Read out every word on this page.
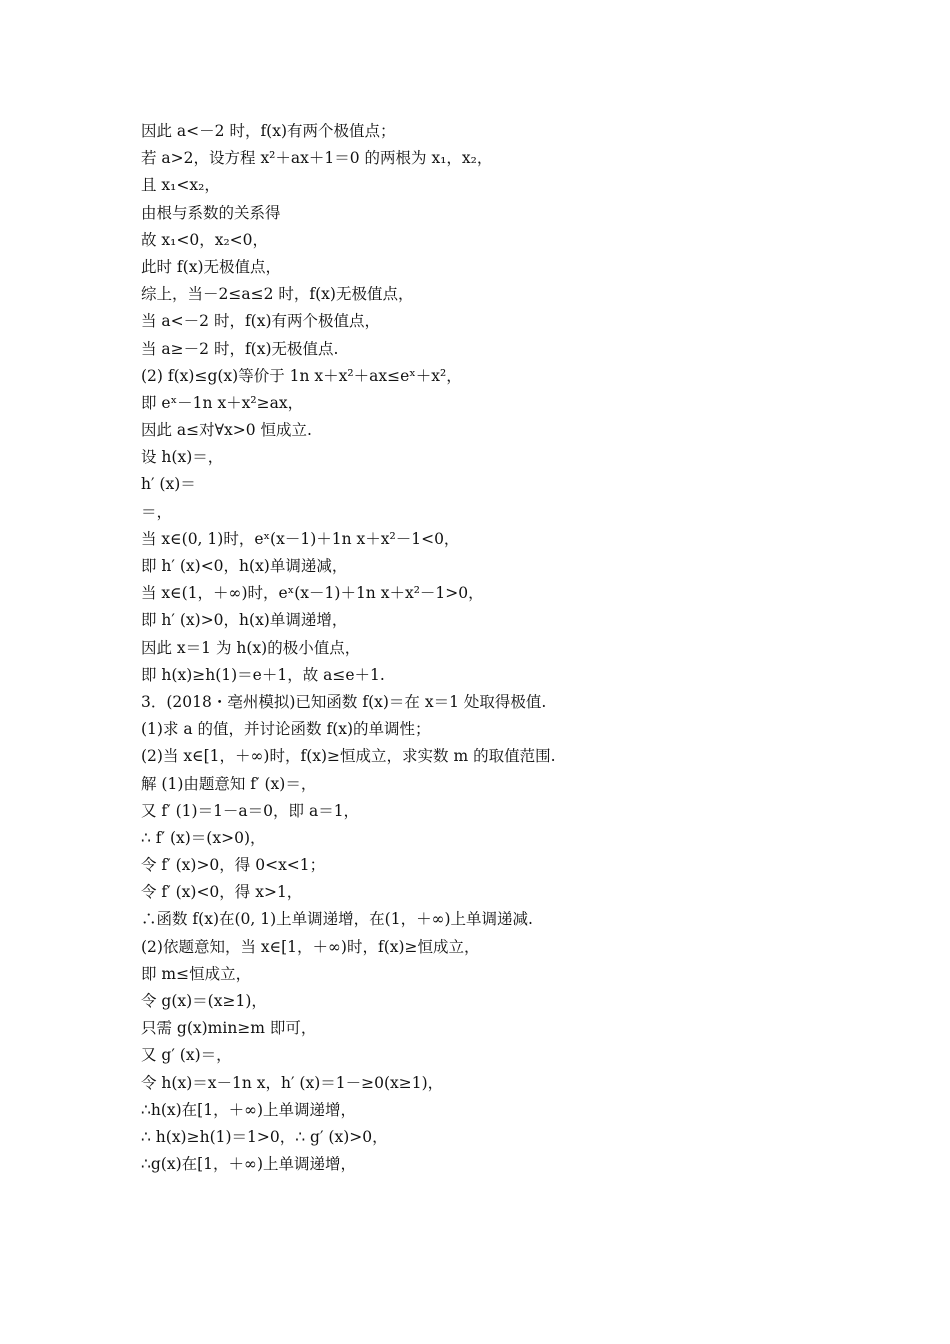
因此 a<－2 时，f(x)有两个极值点；
若 a>2，设方程 x²＋ax＋1＝0 的两根为 x₁，x₂，
且 x₁<x₂，
由根与系数的关系得
故 x₁<0，x₂<0，
此时 f(x)无极值点，
综上，当－2≤a≤2 时，f(x)无极值点，
当 a<－2 时，f(x)有两个极值点，
当 a≥－2 时，f(x)无极值点.
(2) f(x)≤g(x)等价于 1n x＋x²＋ax≤eˣ＋x²，
即 eˣ－1n x＋x²≥ax，
因此 a≤对∀x>0 恒成立.
设 h(x)＝，
h′ (x)＝
＝，
当 x∈(0, 1)时，eˣ(x－1)＋1n x＋x²－1<0，
即 h′ (x)<0，h(x)单调递减，
当 x∈(1，＋∞)时，eˣ(x－1)＋1n x＋x²－1>0，
即 h′ (x)>0，h(x)单调递增，
因此 x＝1 为 h(x)的极小值点，
即 h(x)≥h(1)＝e＋1，故 a≤e＋1.
3．(2018・亳州模拟)已知函数 f(x)＝在 x＝1 处取得极值.
(1)求 a 的值，并讨论函数 f(x)的单调性；
(2)当 x∈[1，＋∞)时，f(x)≥恒成立，求实数 m 的取值范围.
解 (1)由题意知 f′ (x)＝，
又 f′ (1)＝1－a＝0，即 a＝1，
∴ f′ (x)＝(x>0)，
令 f′ (x)>0，得 0<x<1；
令 f′ (x)<0，得 x>1，
∴函数 f(x)在(0, 1)上单调递增，在(1，＋∞)上单调递减.
(2)依题意知，当 x∈[1，＋∞)时，f(x)≥恒成立，
即 m≤恒成立，
令 g(x)＝(x≥1)，
只需 g(x)min≥m 即可，
又 g′ (x)＝，
令 h(x)＝x－1n x，h′ (x)＝1－≥0(x≥1)，
∴h(x)在[1，＋∞)上单调递增，
∴ h(x)≥h(1)＝1>0，∴ g′ (x)>0，
∴g(x)在[1，＋∞)上单调递增，
